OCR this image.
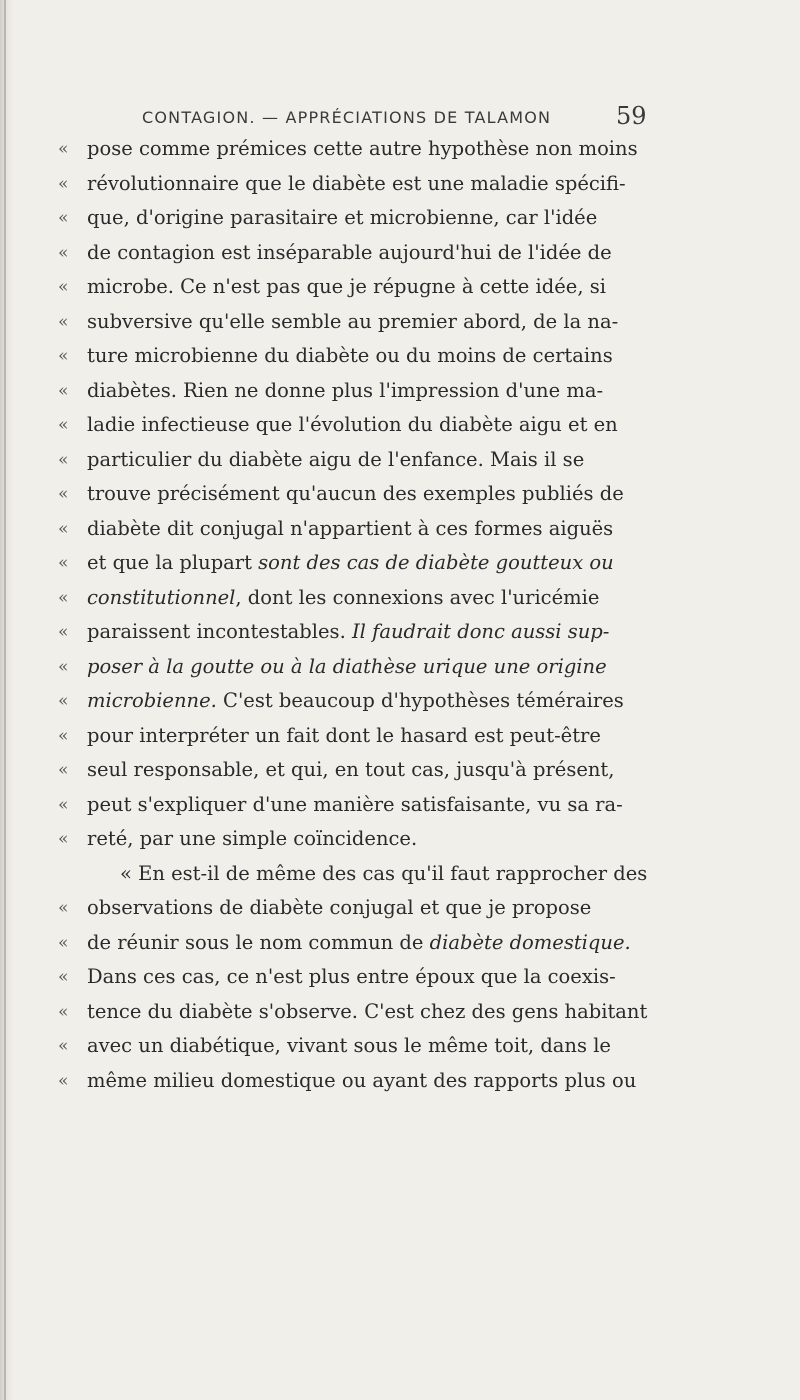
CONTAGION. — APPRÉCIATIONS DE TALAMON	59
« pose comme prémices cette autre hypothèse non moins
« révolutionnaire que le diabète est une maladie spécifi-
« que, d'origine parasitaire et microbienne, car l'idée
« de contagion est inséparable aujourd'hui de l'idée de
« microbe. Ce n'est pas que je répugne à cette idée, si
« subversive qu'elle semble au premier abord, de la na-
« ture microbienne du diabète ou du moins de certains
« diabètes. Rien ne donne plus l'impression d'une ma-
« ladie infectieuse que l'évolution du diabète aigu et en
« particulier du diabète aigu de l'enfance. Mais il se
« trouve précisément qu'aucun des exemples publiés de
« diabète dit conjugal n'appartient à ces formes aiguës
« et que la plupart sont des cas de diabète goutteux ou
« constitutionnel, dont les connexions avec l'uricémie
« paraissent incontestables. Il faudrait donc aussi sup-
« poser à la goutte ou à la diathèse urique une origine
« microbienne. C'est beaucoup d'hypothèses téméraires
« pour interpréter un fait dont le hasard est peut-être
« seul responsable, et qui, en tout cas, jusqu'à présent,
« peut s'expliquer d'une manière satisfaisante, vu sa ra-
« reté, par une simple coïncidence.
« En est-il de même des cas qu'il faut rapprocher des
« observations de diabète conjugal et que je propose
« de réunir sous le nom commun de diabète domestique.
« Dans ces cas, ce n'est plus entre époux que la coexis-
« tence du diabète s'observe. C'est chez des gens habitant
« avec un diabétique, vivant sous le même toit, dans le
« même milieu domestique ou ayant des rapports plus ou
